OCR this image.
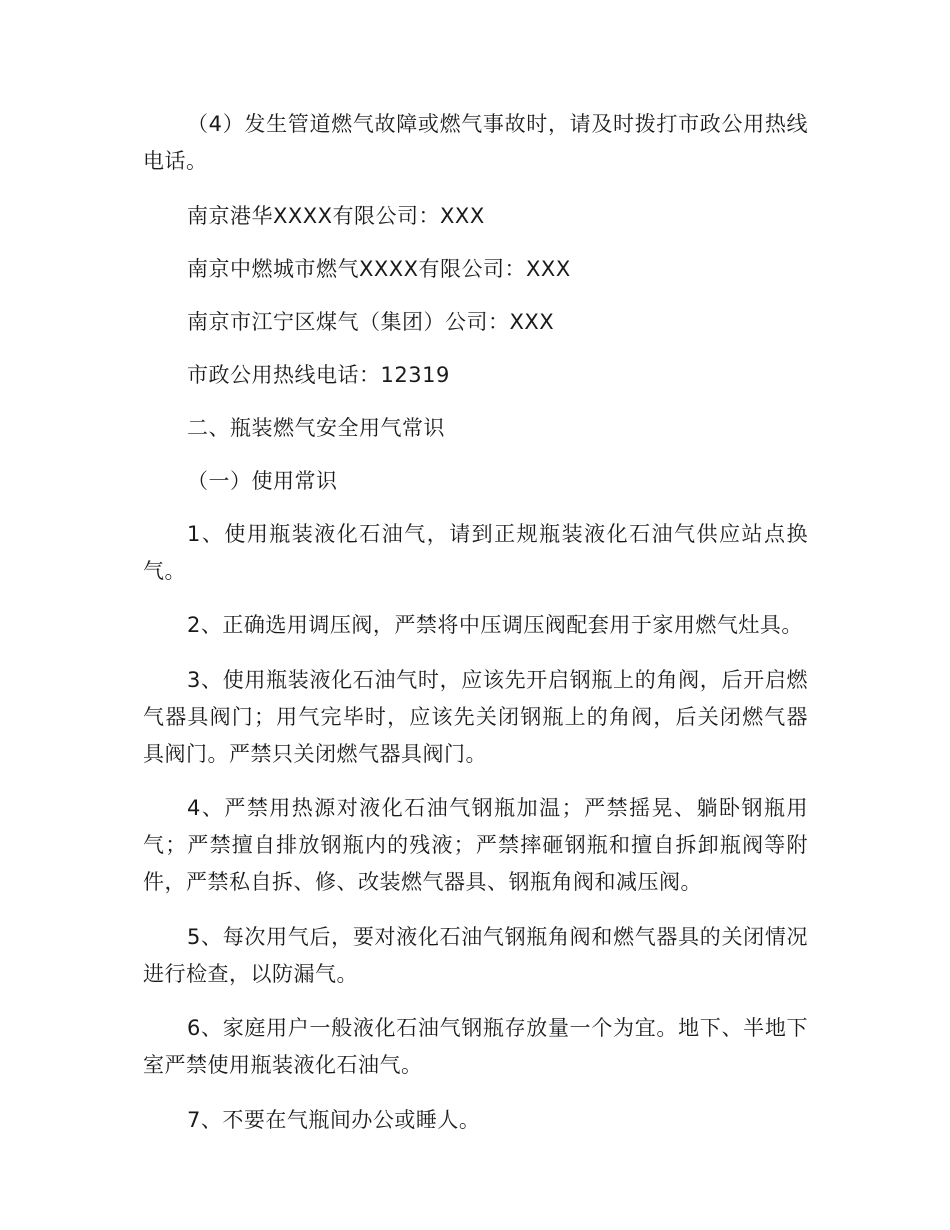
（4）发生管道燃气故障或燃气事故时，请及时拨打市政公用热线电话。

南京港华XXXX有限公司：XXX

南京中燃城市燃气XXXX有限公司：XXX

南京市江宁区煤气（集团）公司：XXX

市政公用热线电话：12319

二、瓶装燃气安全用气常识

（一）使用常识

1、使用瓶装液化石油气，请到正规瓶装液化石油气供应站点换气。

2、正确选用调压阀，严禁将中压调压阀配套用于家用燃气灶具。

3、使用瓶装液化石油气时，应该先开启钢瓶上的角阀，后开启燃气器具阀门；用气完毕时，应该先关闭钢瓶上的角阀，后关闭燃气器具阀门。严禁只关闭燃气器具阀门。

4、严禁用热源对液化石油气钢瓶加温；严禁摇晃、躺卧钢瓶用气；严禁擅自排放钢瓶内的残液；严禁摔砸钢瓶和擅自拆卸瓶阀等附件，严禁私自拆、修、改装燃气器具、钢瓶角阀和减压阀。

5、每次用气后，要对液化石油气钢瓶角阀和燃气器具的关闭情况进行检查，以防漏气。

6、家庭用户一般液化石油气钢瓶存放量一个为宜。地下、半地下室严禁使用瓶装液化石油气。

7、不要在气瓶间办公或睡人。
